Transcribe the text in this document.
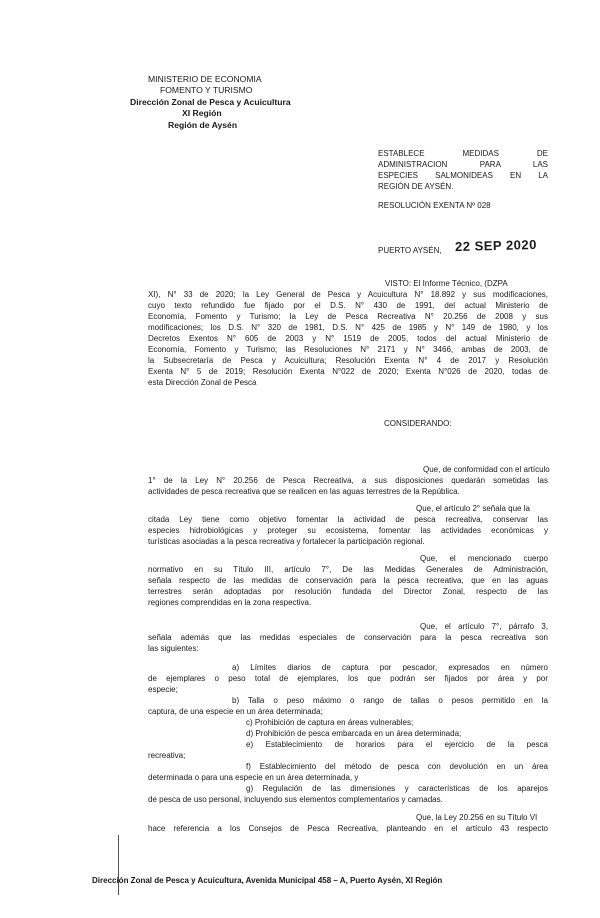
MINISTERIO DE ECONOMIA
FOMENTO Y TURISMO
Dirección Zonal de Pesca y Acuicultura
XI Región
Región de Aysén
ESTABLECE MEDIDAS DE
ADMINISTRACION PARA LAS
ESPECIES SALMONIDEAS EN LA
REGIÓN DE AYSÉN.
RESOLUCIÓN EXENTA Nº 028
PUERTO AYSÉN, 22 SEP 2020
VISTO: El Informe Técnico, (DZPA
XI), N° 33 de 2020; la Ley General de Pesca y Acuicultura N° 18.892 y sus modificaciones,
cuyo texto refundido fue fijado por el D.S. N° 430 de 1991, del actual Ministerio de
Economía, Fomento y Turismo; la Ley de Pesca Recreativa N° 20.256 de 2008 y sus
modificaciones; los D.S. N° 320 de 1981, D.S. N° 425 de 1985 y N° 149 de 1980, y los
Decretos Exentos N° 605 de 2003 y N° 1519 de 2005, todos del actual Ministerio de
Economía, Fomento y Turismo; las Resoluciones N° 2171 y N° 3466, ambas de 2003, de
la Subsecretaría de Pesca y Acuicultura; Resolución Exenta N° 4 de 2017 y Resolución
Exenta N° 5 de 2019; Resolución Exenta N°022 de 2020; Exenta N°026 de 2020, todas de
esta Dirección Zonal de Pesca
CONSIDERANDO:
Que, de conformidad con el artículo
1° de la Ley N° 20.256 de Pesca Recreativa, a sus disposiciones quedarán sometidas las
actividades de pesca recreativa que se realicen en las aguas terrestres de la República.
Que, el artículo 2° señala que la
citada Ley tiene como objetivo fomentar la actividad de pesca recreativa, conservar las
especies hidrobiológicas y proteger su ecosistema, fomentar las actividades económicas y
turísticas asociadas a la pesca recreativa y fortalecer la participación regional.
Que, el mencionado cuerpo
normativo en su Título III, artículo 7°, De las Medidas Generales de Administración,
señala respecto de las medidas de conservación para la pesca recreativa, que en las aguas
terrestres serán adoptadas por resolución fundada del Director Zonal, respecto de las
regiones comprendidas en la zona respectiva.
Que, el artículo 7°, párrafo 3,
señala además que las medidas especiales de conservación para la pesca recreativa son
las siguientes:
a) Límites diarios de captura por pescador, expresados en número
de ejemplares o peso total de ejemplares, los que podrán ser fijados por área y por
especie;
b) Talla o peso máximo o rango de tallas o pesos permitido en la
captura, de una especie en un área determinada;
c) Prohibición de captura en áreas vulnerables;
d) Prohibición de pesca embarcada en un área determinada;
e) Establecimiento de horarios para el ejercicio de la pesca
recreativa;
f) Establecimiento del método de pesca con devolución en un área
determinada o para una especie en un área determinada, y
g) Regulación de las dimensiones y características de los aparejos
de pesca de uso personal, incluyendo sus elementos complementarios y carnadas.
Que, la Ley 20.256 en su Título VI
hace referencia a los Consejos de Pesca Recreativa, planteando en el artículo 43 respecto
Dirección Zonal de Pesca y Acuicultura, Avenida Municipal 458 – A, Puerto Aysén, XI Región
